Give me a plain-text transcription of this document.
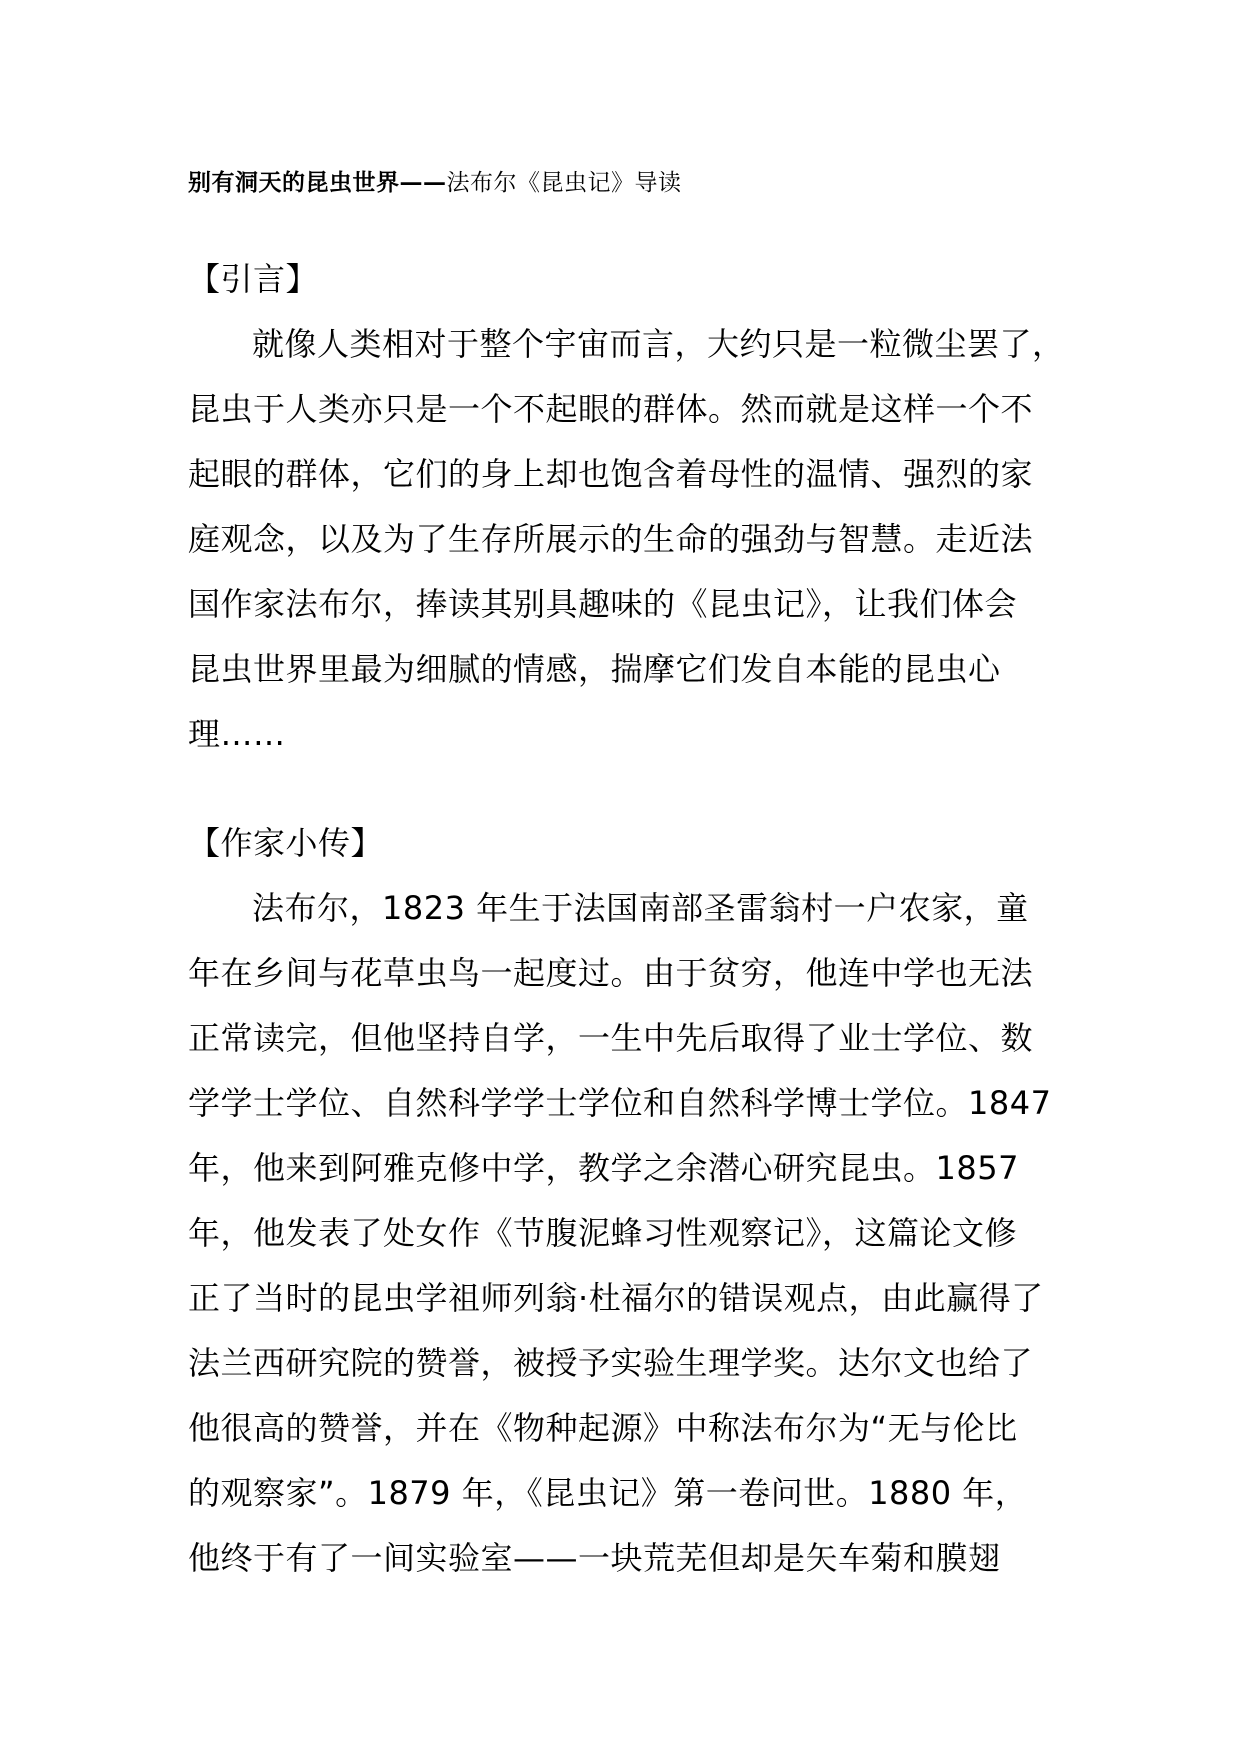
别有洞天的昆虫世界——法布尔《昆虫记》导读
【引言】
就像人类相对于整个宇宙而言，大约只是一粒微尘罢了，
昆虫于人类亦只是一个不起眼的群体。然而就是这样一个不
起眼的群体，它们的身上却也饱含着母性的温情、强烈的家
庭观念，以及为了生存所展示的生命的强劲与智慧。走近法
国作家法布尔，捧读其别具趣味的《昆虫记》，让我们体会
昆虫世界里最为细腻的情感，揣摩它们发自本能的昆虫心
理……
【作家小传】
法布尔，1823 年生于法国南部圣雷翁村一户农家，童
年在乡间与花草虫鸟一起度过。由于贫穷，他连中学也无法
正常读完，但他坚持自学，一生中先后取得了业士学位、数
学学士学位、自然科学学士学位和自然科学博士学位。1847
年，他来到阿雅克修中学，教学之余潜心研究昆虫。1857
年，他发表了处女作《节腹泥蜂习性观察记》，这篇论文修
正了当时的昆虫学祖师列翁·杜福尔的错误观点，由此赢得了
法兰西研究院的赞誉，被授予实验生理学奖。达尔文也给了
他很高的赞誉，并在《物种起源》中称法布尔为“无与伦比
的观察家”。1879 年，《昆虫记》第一卷问世。1880 年，
他终于有了一间实验室——一块荒芜但却是矢车菊和膜翅
